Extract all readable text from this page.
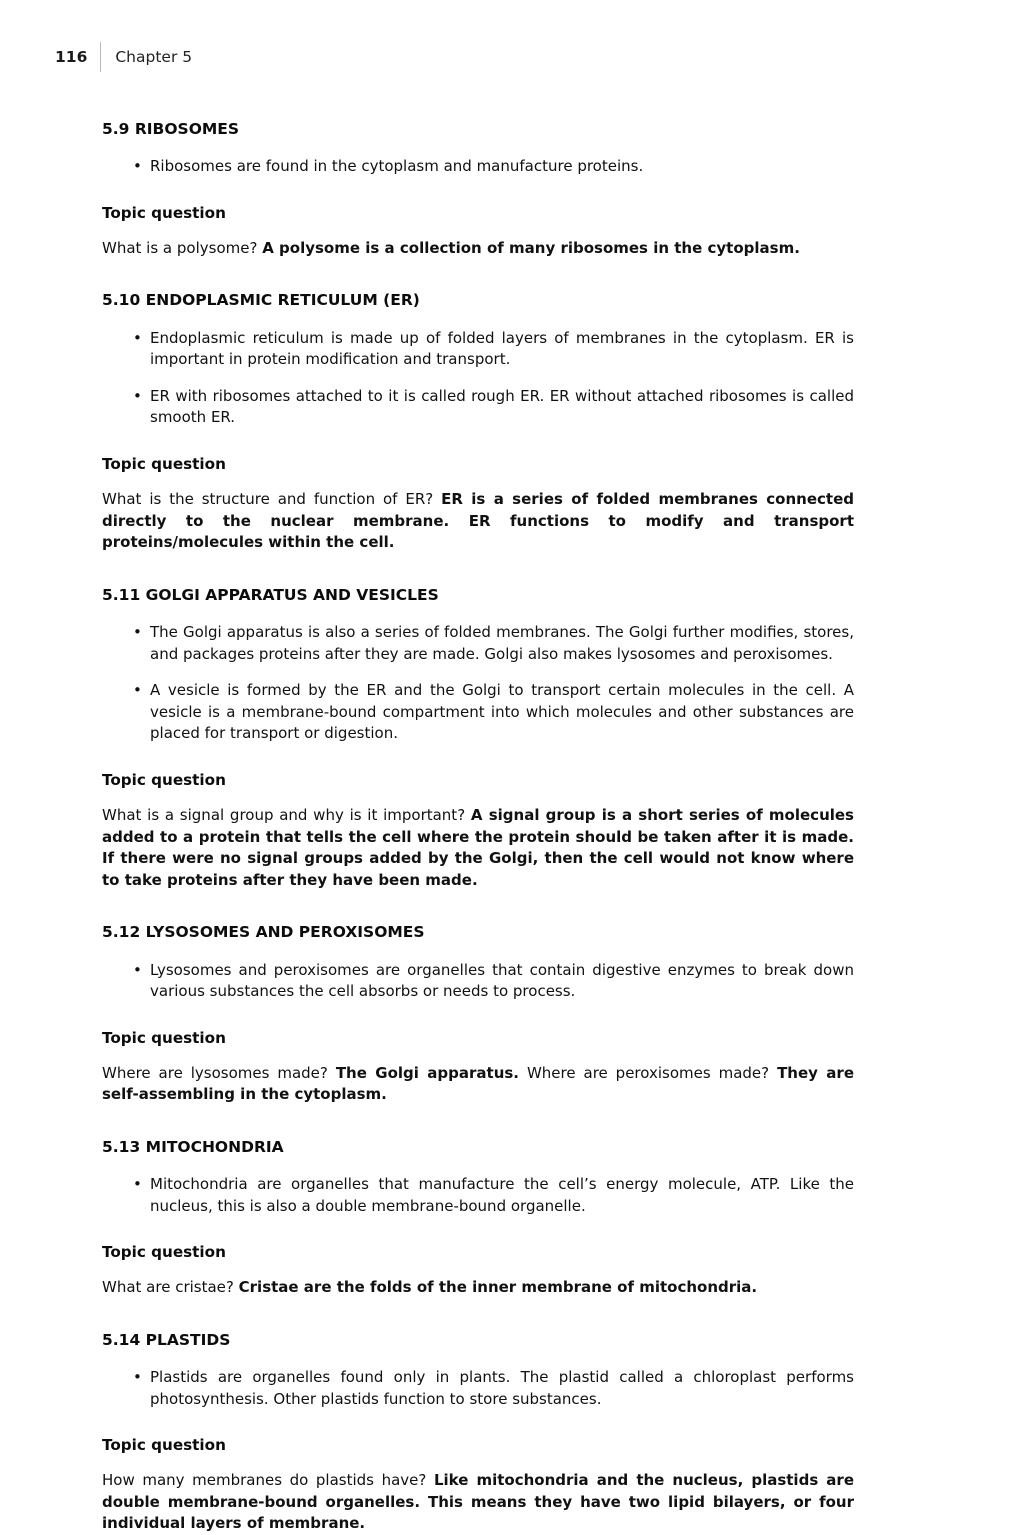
116 Chapter 5
5.9 RIBOSOMES
• Ribosomes are found in the cytoplasm and manufacture proteins.

Topic question

What is a polysome? A polysome is a collection of many ribosomes in the cytoplasm.

5.10 ENDOPLASMIC RETICULUM (ER)
• Endoplasmic reticulum is made up of folded layers of membranes in the cytoplasm. ER is important in protein modification and transport.
• ER with ribosomes attached to it is called rough ER. ER without attached ribosomes is called smooth ER.

Topic question

What is the structure and function of ER? ER is a series of folded membranes connected directly to the nuclear membrane. ER functions to modify and transport proteins/molecules within the cell.

5.11 GOLGI APPARATUS AND VESICLES
• The Golgi apparatus is also a series of folded membranes. The Golgi further modifies, stores, and packages proteins after they are made. Golgi also makes lysosomes and peroxisomes.
• A vesicle is formed by the ER and the Golgi to transport certain molecules in the cell. A vesicle is a membrane-bound compartment into which molecules and other substances are placed for transport or digestion.

Topic question

What is a signal group and why is it important? A signal group is a short series of molecules added to a protein that tells the cell where the protein should be taken after it is made. If there were no signal groups added by the Golgi, then the cell would not know where to take proteins after they have been made.

5.12 LYSOSOMES AND PEROXISOMES
• Lysosomes and peroxisomes are organelles that contain digestive enzymes to break down various substances the cell absorbs or needs to process.

Topic question

Where are lysosomes made? The Golgi apparatus. Where are peroxisomes made? They are self-assembling in the cytoplasm.

5.13 MITOCHONDRIA
• Mitochondria are organelles that manufacture the cell’s energy molecule, ATP. Like the nucleus, this is also a double membrane-bound organelle.

Topic question

What are cristae? Cristae are the folds of the inner membrane of mitochondria.

5.14 PLASTIDS
• Plastids are organelles found only in plants. The plastid called a chloroplast performs photosynthesis. Other plastids function to store substances.

Topic question

How many membranes do plastids have? Like mitochondria and the nucleus, plastids are double membrane-bound organelles. This means they have two lipid bilayers, or four individual layers of membrane.
